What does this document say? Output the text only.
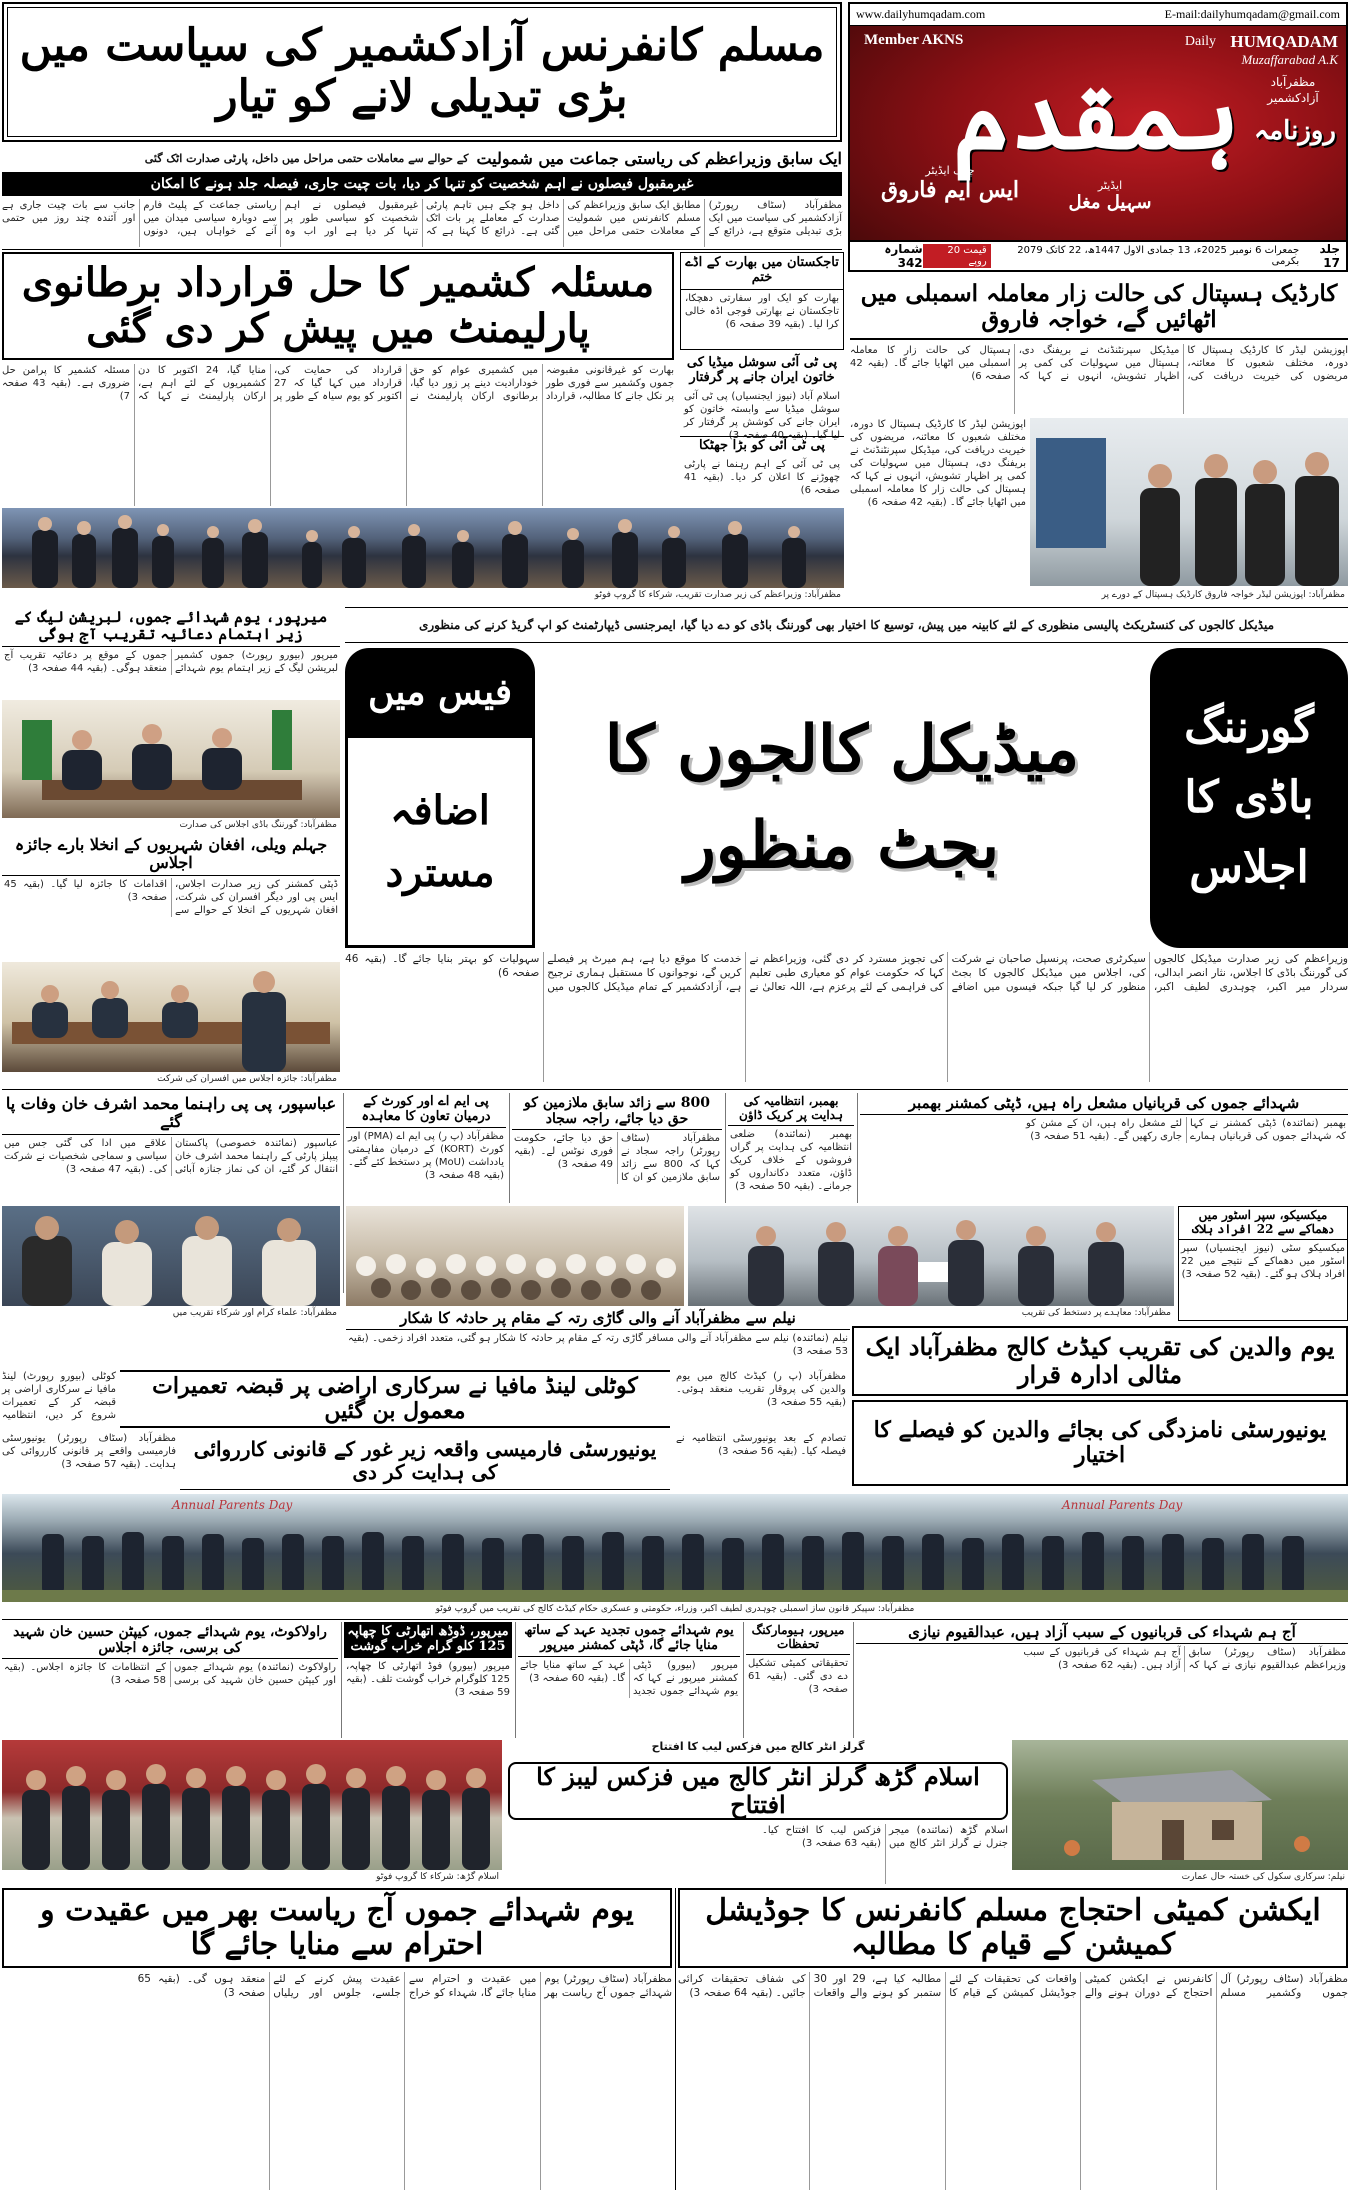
www.dailyhumqadam.com	E-mail:dailyhumqadam@gmail.com
Member AKNS	Daily HUMQADAM
Muzaffarabad A.K
مظفرآباد آزادکشمیر
روزنامہ
ہمقدم
چیف ایڈیٹر
ایس ایم فاروق	ایڈیٹر
سہیل مغل
جلد 17
جمعرات 6 نومبر 2025ء، 13 جمادی الاول 1447ھ، 22 کاتک 2079 بکرمی
قیمت 20 روپے
شمارہ 342
مسلم کانفرنس آزادکشمیر کی سیاست میں بڑی تبدیلی لانے کو تیار
ایک سابق وزیراعظم کی ریاستی جماعت میں شمولیت
کے حوالے سے معاملات حتمی مراحل میں داخل، پارٹی صدارت اٹک گئی
غیرمقبول فیصلوں نے اہم شخصیت کو تنہا کر دیا، بات چیت جاری، فیصلہ جلد ہونے کا امکان
مظفرآباد (سٹاف رپورٹر) آزادکشمیر کی سیاست میں ایک بڑی تبدیلی متوقع ہے، ذرائع کے مطابق ایک سابق وزیراعظم کی مسلم کانفرنس میں شمولیت کے معاملات حتمی مراحل میں داخل ہو چکے ہیں تاہم پارٹی صدارت کے معاملے پر بات اٹک گئی ہے۔ ذرائع کا کہنا ہے کہ غیرمقبول فیصلوں نے اہم شخصیت کو سیاسی طور پر تنہا کر دیا ہے اور اب وہ ریاستی جماعت کے پلیٹ فارم سے دوبارہ سیاسی میدان میں آنے کے خواہاں ہیں، دونوں جانب سے بات چیت جاری ہے اور آئندہ چند روز میں حتمی
مسئلہ کشمیر کا حل قرارداد برطانوی پارلیمنٹ میں پیش کر دی گئی
بھارت کو غیرقانونی مقبوضہ جموں وکشمیر سے فوری طور پر نکل جانے کا مطالبہ، قرارداد میں کشمیری عوام کو حق خودارادیت دینے پر زور دیا گیا، برطانوی ارکان پارلیمنٹ نے قرارداد کی حمایت کی، قرارداد میں کہا گیا کہ 27 اکتوبر کو یوم سیاہ کے طور پر منایا گیا، 24 اکتوبر کا دن کشمیریوں کے لئے اہم ہے، ارکان پارلیمنٹ نے کہا کہ مسئلہ کشمیر کا پرامن حل ضروری ہے۔ (بقیہ 43 صفحہ 7)
تاجکستان میں بھارت کے اڈے ختم
بھارت کو ایک اور سفارتی دھچکا، تاجکستان نے بھارتی فوجی اڈہ خالی کرا لیا۔ (بقیہ 39 صفحہ 6)
پی ٹی آئی سوشل میڈیا کی خاتون ایران جانے پر گرفتار
اسلام آباد (نیوز ایجنسیاں) پی ٹی آئی سوشل میڈیا سے وابستہ خاتون کو ایران جانے کی کوشش پر گرفتار کر لیا گیا۔ (بقیہ 40 صفحہ 3)
پی ٹی آئی کو بڑا جھٹکا
پی ٹی آئی کے اہم رہنما نے پارٹی چھوڑنے کا اعلان کر دیا۔ (بقیہ 41 صفحہ 6)
مظفرآباد: وزیراعظم کی زیر صدارت تقریب، شرکاء کا گروپ فوٹو
کارڈیک ہسپتال کی حالت زار معاملہ اسمبلی میں اٹھائیں گے، خواجہ فاروق
اپوزیشن لیڈر کا کارڈیک ہسپتال کا دورہ، مختلف شعبوں کا معائنہ، مریضوں کی خیریت دریافت کی، میڈیکل سپرنٹنڈنٹ نے بریفنگ دی، ہسپتال میں سہولیات کی کمی پر اظہار تشویش، انہوں نے کہا کہ ہسپتال کی حالت زار کا معاملہ اسمبلی میں اٹھایا جائے گا۔ (بقیہ 42 صفحہ 6)
اپوزیشن لیڈر کا کارڈیک ہسپتال کا دورہ، مختلف شعبوں کا معائنہ، مریضوں کی خیریت دریافت کی، میڈیکل سپرنٹنڈنٹ نے بریفنگ دی، ہسپتال میں سہولیات کی کمی پر اظہار تشویش، انہوں نے کہا کہ ہسپتال کی حالت زار کا معاملہ اسمبلی میں اٹھایا جائے گا۔ (بقیہ 42 صفحہ 6)
مظفرآباد: اپوزیشن لیڈر خواجہ فاروق کارڈیک ہسپتال کے دورے پر
میڈیکل کالجوں کی کنسٹریکٹ پالیسی منظوری کے لئے کابینہ میں پیش، توسیع کا اختیار بھی گورننگ باڈی کو دے دیا گیا، ایمرجنسی ڈیپارٹمنٹ کو اپ گریڈ کرنے کی منظوری
میرپور، یوم شہدائے جموں، لبریشن لیگ کے زیر اہتمام دعائیہ تقریب آج ہوگی
میرپور (بیورو رپورٹ) جموں کشمیر لبریشن لیگ کے زیر اہتمام یوم شہدائے جموں کے موقع پر دعائیہ تقریب آج منعقد ہوگی۔ (بقیہ 44 صفحہ 3)
مظفرآباد: گورننگ باڈی اجلاس کی صدارت
جہلم ویلی، افغان شہریوں کے انخلا بارے جائزہ اجلاس
ڈپٹی کمشنر کی زیر صدارت اجلاس، ایس پی اور دیگر افسران کی شرکت، افغان شہریوں کے انخلا کے حوالے سے اقدامات کا جائزہ لیا گیا۔ (بقیہ 45 صفحہ 3)
مظفرآباد: جائزہ اجلاس میں افسران کی شرکت
گورننگ باڈی کا اجلاس
میڈیکل کالجوں کا بجٹ منظور
فیس میں
اضافہ مسترد
وزیراعظم کی زیر صدارت میڈیکل کالجوں کی گورننگ باڈی کا اجلاس، نثار انصر ابدالی، سردار میر اکبر، چوہدری لطیف اکبر، سیکرٹری صحت، پرنسپل صاحبان نے شرکت کی، اجلاس میں میڈیکل کالجوں کا بجٹ منظور کر لیا گیا جبکہ فیسوں میں اضافے کی تجویز مسترد کر دی گئی، وزیراعظم نے کہا کہ حکومت عوام کو معیاری طبی تعلیم کی فراہمی کے لئے پرعزم ہے، اللہ تعالیٰ نے خدمت کا موقع دیا ہے، ہم میرٹ پر فیصلے کریں گے، نوجوانوں کا مستقبل ہماری ترجیح ہے، آزادکشمیر کے تمام میڈیکل کالجوں میں سہولیات کو بہتر بنایا جائے گا۔ (بقیہ 46 صفحہ 6)
عباسپور، پی پی راہنما محمد اشرف خان وفات پا گئے
عباسپور (نمائندہ خصوصی) پاکستان پیپلز پارٹی کے راہنما محمد اشرف خان انتقال کر گئے، ان کی نماز جنازہ آبائی علاقے میں ادا کی گئی جس میں سیاسی و سماجی شخصیات نے شرکت کی۔ (بقیہ 47 صفحہ 3)
پی ایم اے اور کورٹ کے درمیان تعاون کا معاہدہ
مظفرآباد (پ ر) پی ایم اے (PMA) اور کورٹ (KORT) کے درمیان مفاہمتی یادداشت (MoU) پر دستخط کئے گئے۔ (بقیہ 48 صفحہ 3)
800 سے زائد سابق ملازمین کو حق دیا جائے، راجہ سجاد
مظفرآباد (سٹاف رپورٹر) راجہ سجاد نے کہا کہ 800 سے زائد سابق ملازمین کو ان کا حق دیا جائے، حکومت فوری نوٹس لے۔ (بقیہ 49 صفحہ 3)
بھمبر، انتظامیہ کی ہدایت پر کریک ڈاؤن
بھمبر (نمائندہ) ضلعی انتظامیہ کی ہدایت پر گراں فروشوں کے خلاف کریک ڈاؤن، متعدد دکانداروں کو جرمانے۔ (بقیہ 50 صفحہ 3)
شہدائے جموں کی قربانیاں مشعل راہ ہیں، ڈپٹی کمشنر بھمبر
بھمبر (نمائندہ) ڈپٹی کمشنر نے کہا کہ شہدائے جموں کی قربانیاں ہمارے لئے مشعل راہ ہیں، ان کے مشن کو جاری رکھیں گے۔ (بقیہ 51 صفحہ 3)
مظفرآباد: علماء کرام اور شرکاء تقریب میں	نیلم سے مظفرآباد آنے والی گاڑی رتہ کے مقام پر حادثہ کا شکار
نیلم (نمائندہ) نیلم سے مظفرآباد آنے والی مسافر گاڑی رتہ کے مقام پر حادثہ کا شکار ہو گئی، متعدد افراد زخمی۔ (بقیہ 53 صفحہ 3)
مظفرآباد: معاہدے پر دستخط کی تقریب
میکسیکو، سپر اسٹور میں دھماکے سے 22 افراد ہلاک
میکسیکو سٹی (نیوز ایجنسیاں) سپر اسٹور میں دھماکے کے نتیجے میں 22 افراد ہلاک ہو گئے۔ (بقیہ 52 صفحہ 3)
کوٹلی لینڈ مافیا نے سرکاری اراضی پر قبضہ تعمیرات معمول بن گئیں
کوٹلی (بیورو رپورٹ) لینڈ مافیا نے سرکاری اراضی پر قبضہ کر کے تعمیرات شروع کر دیں، انتظامیہ
یوم والدین کی تقریب کیڈٹ کالج مظفرآباد ایک مثالی ادارہ قرار
مظفرآباد (پ ر) کیڈٹ کالج میں یوم والدین کی پروقار تقریب منعقد ہوئی۔ (بقیہ 55 صفحہ 3)
یونیورسٹی فارمیسی واقعہ زیر غور کے قانونی کارروائی کی ہدایت کر دی
مظفرآباد (سٹاف رپورٹر) یونیورسٹی فارمیسی واقعے پر قانونی کارروائی کی ہدایت۔ (بقیہ 57 صفحہ 3)
تصادم کے بعد یونیورسٹی انتظامیہ نے فیصلہ کیا۔ (بقیہ 56 صفحہ 3)
یونیورسٹی نامزدگی کی بجائے والدین کو فیصلے کا اختیار
Annual Parents Day	Annual Parents Day
مظفرآباد: سپیکر قانون ساز اسمبلی چوہدری لطیف اکبر، وزراء، حکومتی و عسکری حکام کیڈٹ کالج کی تقریب میں گروپ فوٹو
راولاکوٹ، یوم شہدائے جموں، کیپٹن حسین خان شہید کی برسی، جائزہ اجلاس
راولاکوٹ (نمائندہ) یوم شہدائے جموں اور کیپٹن حسین خان شہید کی برسی کے انتظامات کا جائزہ اجلاس۔ (بقیہ 58 صفحہ 3)
میرپور، ڈوڈھ اتھارٹی کا چھاپہ 125 کلو گرام خراب گوشت
میرپور (بیورو) فوڈ اتھارٹی کا چھاپہ، 125 کلوگرام خراب گوشت تلف۔ (بقیہ 59 صفحہ 3)
یوم شہدائے جموں تجدید عہد کے ساتھ منایا جائے گا، ڈپٹی کمشنر میرپور
میرپور (بیورو) ڈپٹی کمشنر میرپور نے کہا کہ یوم شہدائے جموں تجدید عہد کے ساتھ منایا جائے گا۔ (بقیہ 60 صفحہ 3)
میرپور، ہیومارکنگ تحفظات
تحقیقاتی کمیٹی تشکیل دے دی گئی۔ (بقیہ 61 صفحہ 3)
آج ہم شہداء کی قربانیوں کے سبب آزاد ہیں، عبدالقیوم نیازی
مظفرآباد (سٹاف رپورٹر) سابق وزیراعظم عبدالقیوم نیازی نے کہا کہ آج ہم شہداء کی قربانیوں کے سبب آزاد ہیں۔ (بقیہ 62 صفحہ 3)
اسلام گڑھ: شرکاء کا گروپ فوٹو
گرلز انٹر کالج میں فزکس لیب کا افتتاح
اسلام گڑھ گرلز انٹر کالج میں فزکس لیبز کا افتتاح
اسلام گڑھ (نمائندہ) میجر جنرل نے گرلز انٹر کالج میں فزکس لیب کا افتتاح کیا۔ (بقیہ 63 صفحہ 3)
نیلم: سرکاری سکول کی خستہ حال عمارت
یوم شہدائے جموں آج ریاست بھر میں عقیدت و احترام سے منایا جائے گا
ایکشن کمیٹی احتجاج مسلم کانفرنس کا جوڈیشل کمیشن کے قیام کا مطالبہ
مظفرآباد (سٹاف رپورٹر) یوم شہدائے جموں آج ریاست بھر میں عقیدت و احترام سے منایا جائے گا، شہداء کو خراج عقیدت پیش کرنے کے لئے جلسے، جلوس اور ریلیاں منعقد ہوں گی۔ (بقیہ 65 صفحہ 3)
مظفرآباد (سٹاف رپورٹر) آل جموں وکشمیر مسلم کانفرنس نے ایکشن کمیٹی احتجاج کے دوران ہونے والے واقعات کی تحقیقات کے لئے جوڈیشل کمیشن کے قیام کا مطالبہ کیا ہے، 29 اور 30 ستمبر کو ہونے والے واقعات کی شفاف تحقیقات کرائی جائیں۔ (بقیہ 64 صفحہ 3)
